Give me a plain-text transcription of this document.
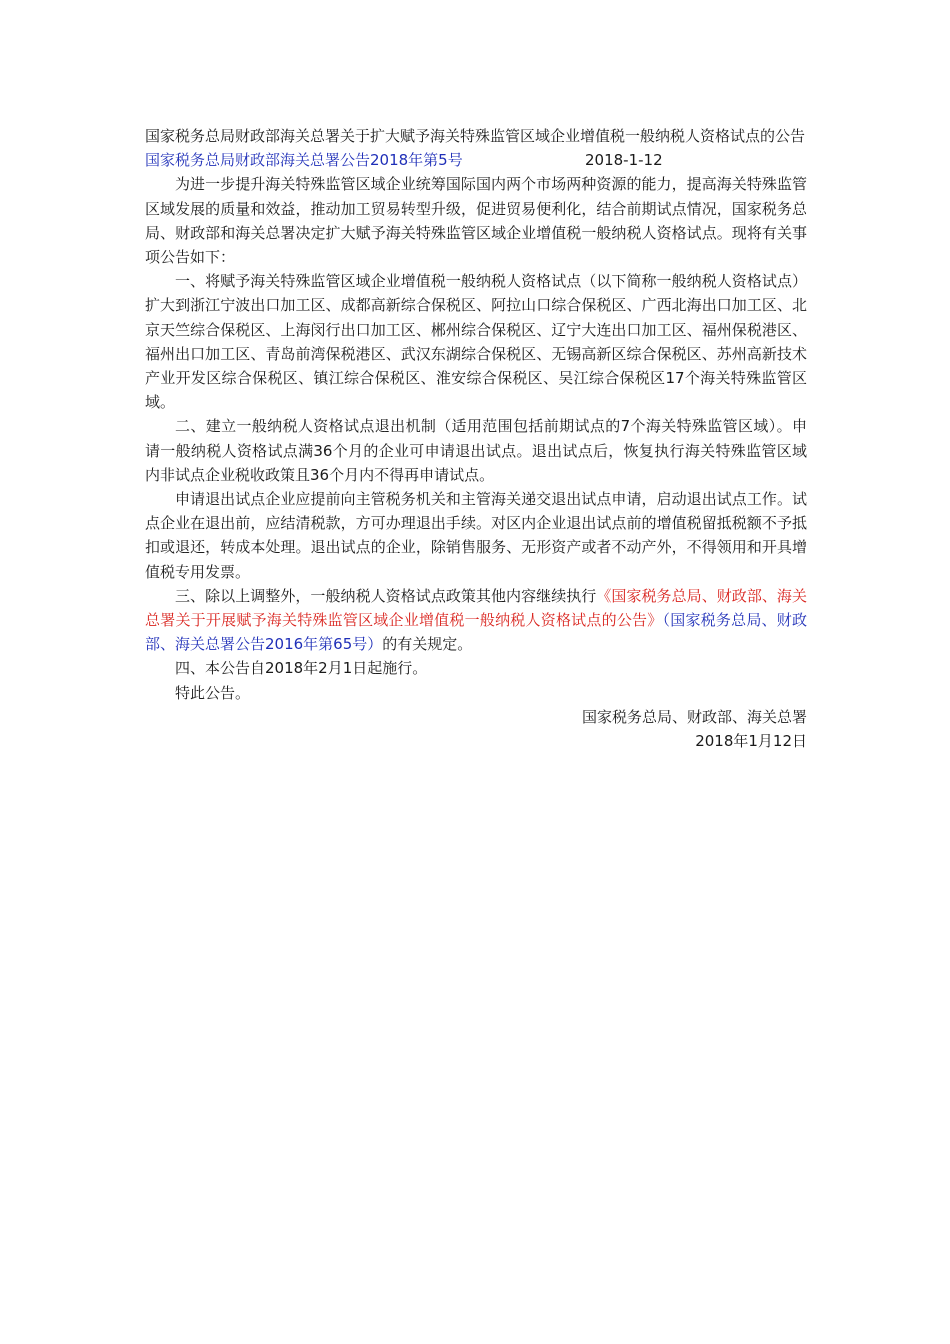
国家税务总局财政部海关总署关于扩大赋予海关特殊监管区域企业增值税一般纳税人资格试点的公告
国家税务总局财政部海关总署公告2018年第5号	2018-1-12

为进一步提升海关特殊监管区域企业统筹国际国内两个市场两种资源的能力，提高海关特殊监管区域发展的质量和效益，推动加工贸易转型升级，促进贸易便利化，结合前期试点情况，国家税务总局、财政部和海关总署决定扩大赋予海关特殊监管区域企业增值税一般纳税人资格试点。现将有关事项公告如下：

一、将赋予海关特殊监管区域企业增值税一般纳税人资格试点（以下简称一般纳税人资格试点）扩大到浙江宁波出口加工区、成都高新综合保税区、阿拉山口综合保税区、广西北海出口加工区、北京天竺综合保税区、上海闵行出口加工区、郴州综合保税区、辽宁大连出口加工区、福州保税港区、福州出口加工区、青岛前湾保税港区、武汉东湖综合保税区、无锡高新区综合保税区、苏州高新技术产业开发区综合保税区、镇江综合保税区、淮安综合保税区、吴江综合保税区17个海关特殊监管区域。

二、建立一般纳税人资格试点退出机制（适用范围包括前期试点的7个海关特殊监管区域）。申请一般纳税人资格试点满36个月的企业可申请退出试点。退出试点后，恢复执行海关特殊监管区域内非试点企业税收政策且36个月内不得再申请试点。

申请退出试点企业应提前向主管税务机关和主管海关递交退出试点申请，启动退出试点工作。试点企业在退出前，应结清税款，方可办理退出手续。对区内企业退出试点前的增值税留抵税额不予抵扣或退还，转成本处理。退出试点的企业，除销售服务、无形资产或者不动产外，不得领用和开具增值税专用发票。

三、除以上调整外，一般纳税人资格试点政策其他内容继续执行《国家税务总局、财政部、海关总署关于开展赋予海关特殊监管区域企业增值税一般纳税人资格试点的公告》（国家税务总局、财政部、海关总署公告2016年第65号）的有关规定。

四、本公告自2018年2月1日起施行。

特此公告。

国家税务总局、财政部、海关总署
2018年1月12日
